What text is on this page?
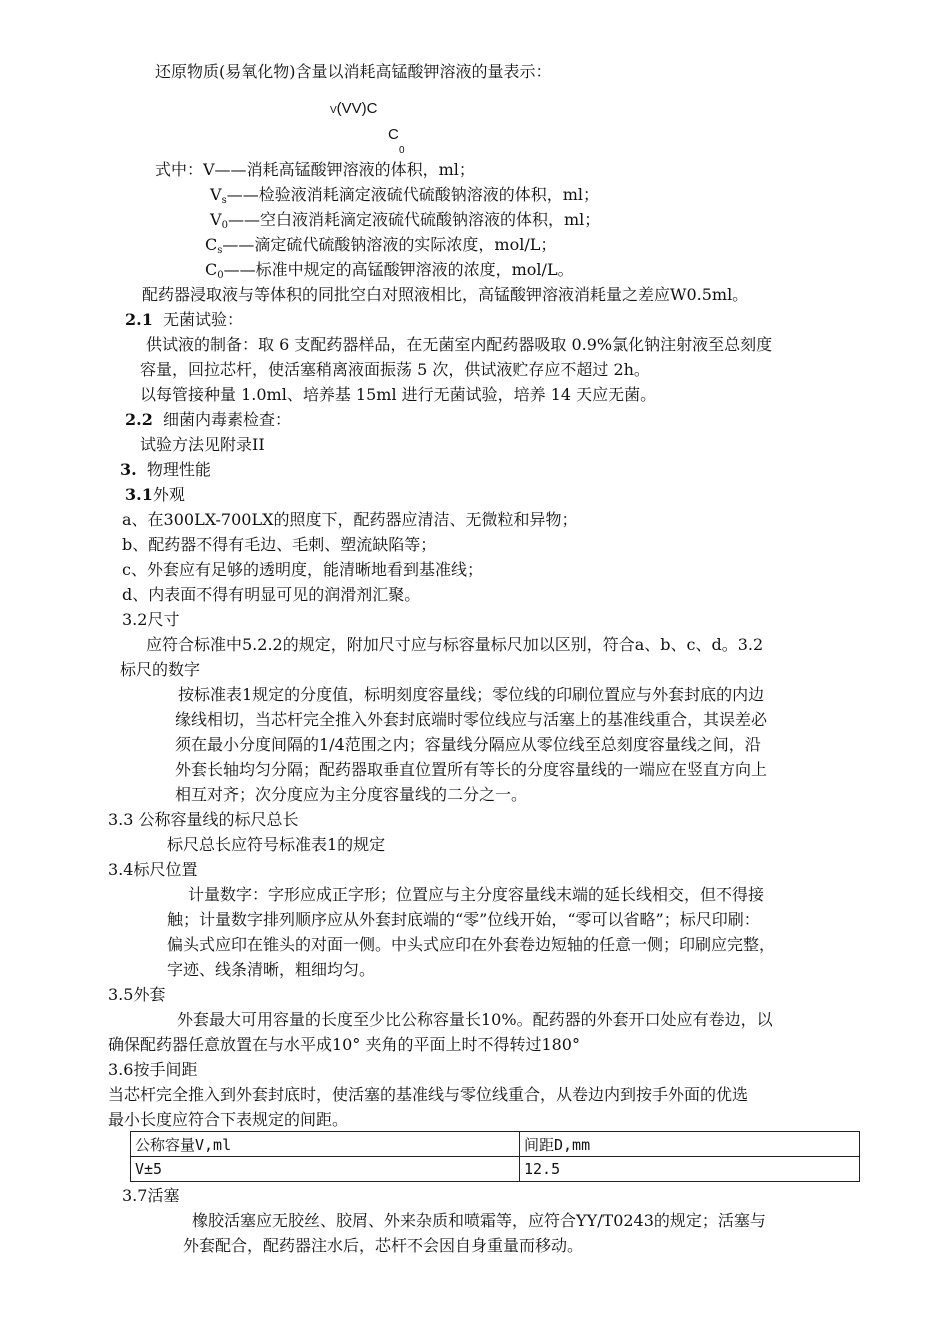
还原物质(易氧化物)含量以消耗高锰酸钾溶液的量表示：
V(VV)C
C
0
式中：V——消耗高锰酸钾溶液的体积，ml；
$V_s——$检验液消耗滴定液硫代硫酸钠溶液的体积，ml；
$V_0——$空白液消耗滴定液硫代硫酸钠溶液的体积，ml；
$C_s——$滴定硫代硫酸钠溶液的实际浓度，mol/L；
$C_0——$标准中规定的高锰酸钾溶液的浓度，mol/L。
配药器浸取液与等体积的同批空白对照液相比，高锰酸钾溶液消耗量之差应W0.5ml。
2.1 无菌试验：
供试液的制备：取 6 支配药器样品，在无菌室内配药器吸取 0.9%氯化钠注射液至总刻度
容量，回拉芯杆，使活塞稍离液面振荡 5 次，供试液贮存应不超过 2h。
以每管接种量 1.0ml、培养基 15ml 进行无菌试验，培养 14 天应无菌。
2.2 细菌内毒素检查：
试验方法见附录II
3. 物理性能
3.1外观
a、在300LX-700LX的照度下，配药器应清洁、无微粒和异物；
b、配药器不得有毛边、毛刺、塑流缺陷等；
c、外套应有足够的透明度，能清晰地看到基准线；
d、内表面不得有明显可见的润滑剂汇聚。
3.2尺寸
应符合标准中5.2.2的规定，附加尺寸应与标容量标尺加以区别，符合a、b、c、d。3.2
标尺的数字
按标准表1规定的分度值，标明刻度容量线；零位线的印刷位置应与外套封底的内边
缘线相切，当芯杆完全推入外套封底端时零位线应与活塞上的基准线重合，其误差必
须在最小分度间隔的1/4范围之内；容量线分隔应从零位线至总刻度容量线之间，沿
外套长轴均匀分隔；配药器取垂直位置所有等长的分度容量线的一端应在竖直方向上
相互对齐；次分度应为主分度容量线的二分之一。
3.3 公称容量线的标尺总长
标尺总长应符号标准表1的规定
3.4标尺位置
计量数字：字形应成正字形；位置应与主分度容量线末端的延长线相交，但不得接
触；计量数字排列顺序应从外套封底端的“零”位线开始，“零可以省略”；标尺印刷：
偏头式应印在锥头的对面一侧。中头式应印在外套卷边短轴的任意一侧；印刷应完整，
字迹、线条清晰，粗细均匀。
3.5外套
外套最大可用容量的长度至少比公称容量长10%。配药器的外套开口处应有卷边，以
确保配药器任意放置在与水平成10° 夹角的平面上时不得转过180°
3.6按手间距
当芯杆完全推入到外套封底时，使活塞的基准线与零位线重合，从卷边内到按手外面的优选
最小长度应符合下表规定的间距。
公称容量V,ml	间距D,mm
V±5	12.5
3.7活塞
橡胶活塞应无胶丝、胶屑、外来杂质和喷霜等，应符合YY/T0243的规定；活塞与
外套配合，配药器注水后，芯杆不会因自身重量而移动。
